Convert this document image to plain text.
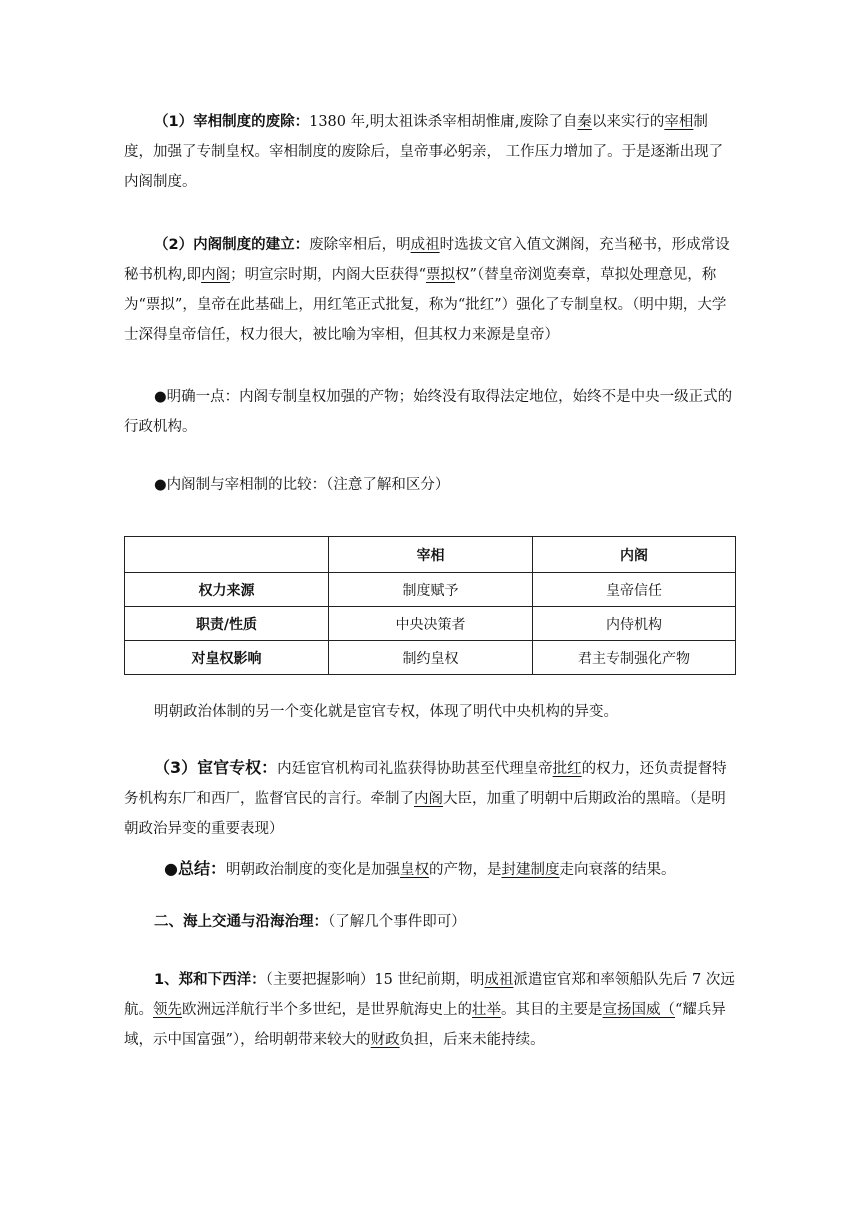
（1）宰相制度的废除：1380 年,明太祖诛杀宰相胡惟庸,废除了自秦以来实行的宰相制度，加强了专制皇权。宰相制度的废除后，皇帝事必躬亲， 工作压力增加了。于是逐渐出现了内阁制度。

（2）内阁制度的建立：废除宰相后，明成祖时选拔文官入值文渊阁，充当秘书，形成常设秘书机构,即内阁；明宣宗时期，内阁大臣获得“票拟权”（替皇帝浏览奏章，草拟处理意见，称为“票拟”，皇帝在此基础上，用红笔正式批复，称为“批红”）强化了专制皇权。（明中期，大学士深得皇帝信任，权力很大，被比喻为宰相，但其权力来源是皇帝）

●明确一点：内阁专制皇权加强的产物；始终没有取得法定地位，始终不是中央一级正式的行政机构。

●内阁制与宰相制的比较：（注意了解和区分）

	宰相	内阁
权力来源	制度赋予	皇帝信任
职责/性质	中央决策者	内侍机构
对皇权影响	制约皇权	君主专制强化产物

明朝政治体制的另一个变化就是宦官专权，体现了明代中央机构的异变。

（3）宦官专权：内廷宦官机构司礼监获得协助甚至代理皇帝批红的权力，还负责提督特务机构东厂和西厂，监督官民的言行。牵制了内阁大臣，加重了明朝中后期政治的黑暗。（是明朝政治异变的重要表现）

●总结：明朝政治制度的变化是加强皇权的产物，是封建制度走向衰落的结果。

二、海上交通与沿海治理：（了解几个事件即可）

1、郑和下西洋：（主要把握影响）15 世纪前期，明成祖派遣宦官郑和率领船队先后 7 次远航。领先欧洲远洋航行半个多世纪，是世界航海史上的壮举。其目的主要是宣扬国威（“耀兵异域，示中国富强”），给明朝带来较大的财政负担，后来未能持续。
